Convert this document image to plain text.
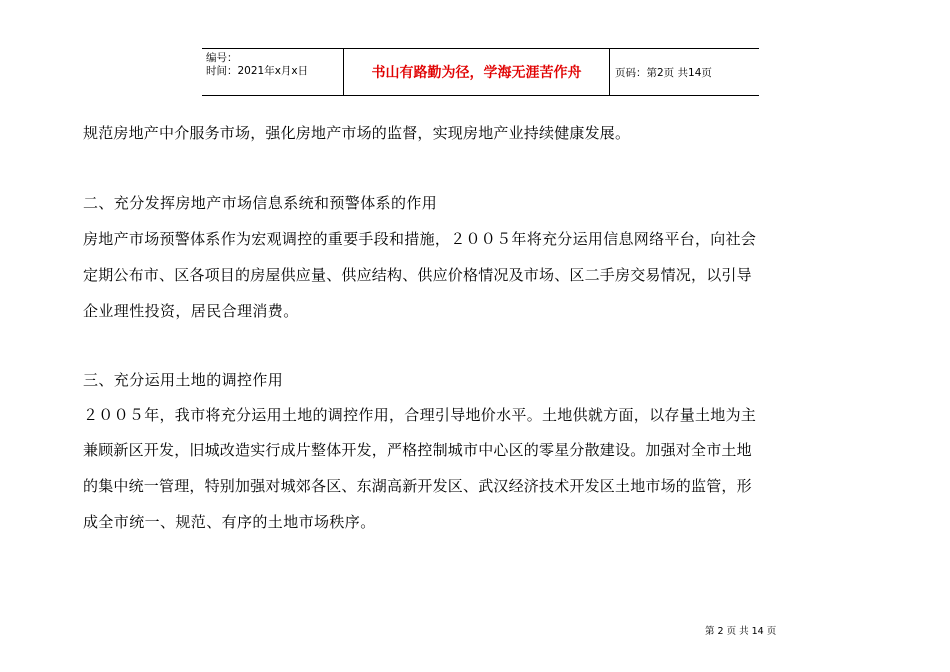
编号：
时间：2021年x月x日	书山有路勤为径，学海无涯苦作舟	页码：第2页 共14页
规范房地产中介服务市场，强化房地产市场的监督，实现房地产业持续健康发展。
二、充分发挥房地产市场信息系统和预警体系的作用
房地产市场预警体系作为宏观调控的重要手段和措施，２００５年将充分运用信息网络平台，向社会
定期公布市、区各项目的房屋供应量、供应结构、供应价格情况及市场、区二手房交易情况，以引导
企业理性投资，居民合理消费。
三、充分运用土地的调控作用
２００５年，我市将充分运用土地的调控作用，合理引导地价水平。土地供就方面，以存量土地为主
兼顾新区开发，旧城改造实行成片整体开发，严格控制城市中心区的零星分散建设。加强对全市土地
的集中统一管理，特别加强对城郊各区、东湖高新开发区、武汉经济技术开发区土地市场的监管，形
成全市统一、规范、有序的土地市场秩序。
第 2 页 共 14 页
